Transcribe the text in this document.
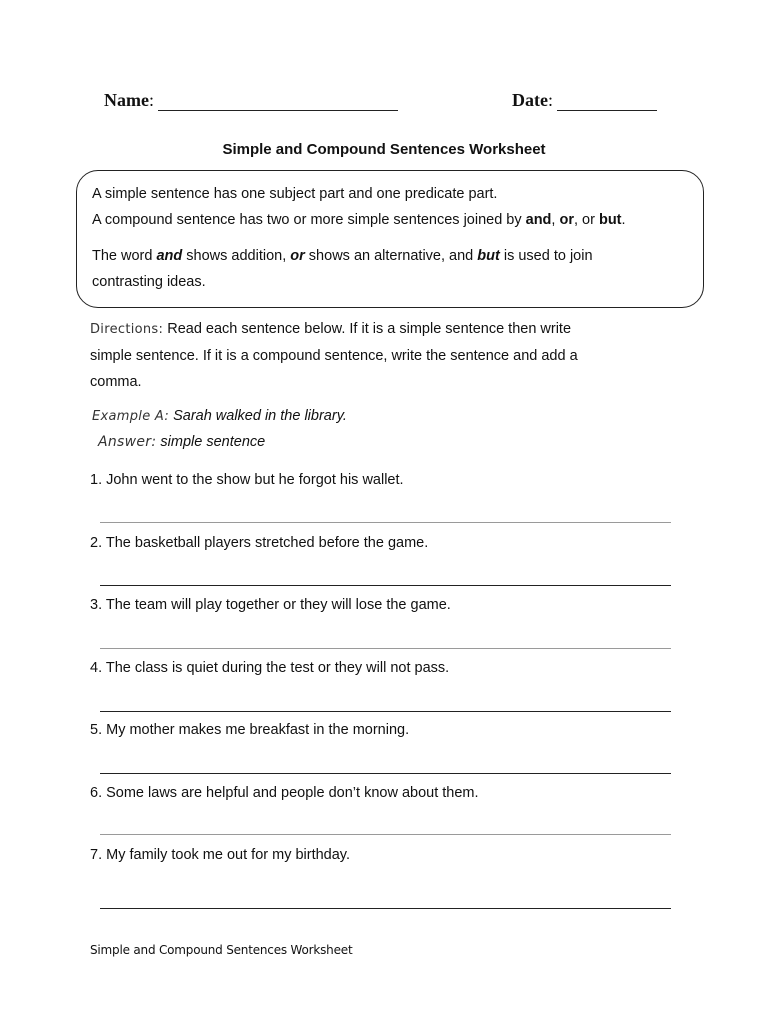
Name:	Date:
Simple and Compound Sentences Worksheet

A simple sentence has one subject part and one predicate part.

A compound sentence has two or more simple sentences joined by and, or, or but.

The word and shows addition, or shows an alternative, and but is used to join

contrasting ideas.

Directions: Read each sentence below. If it is a simple sentence then write
simple sentence. If it is a compound sentence, write the sentence and add a
comma.
Example A: Sarah walked in the library.
Answer: simple sentence
1. John went to the show but he forgot his wallet.
2. The basketball players stretched before the game.
3. The team will play together or they will lose the game.
4. The class is quiet during the test or they will not pass.
5. My mother makes me breakfast in the morning.
6. Some laws are helpful and people don’t know about them.
7. My family took me out for my birthday.
Simple and Compound Sentences Worksheet
